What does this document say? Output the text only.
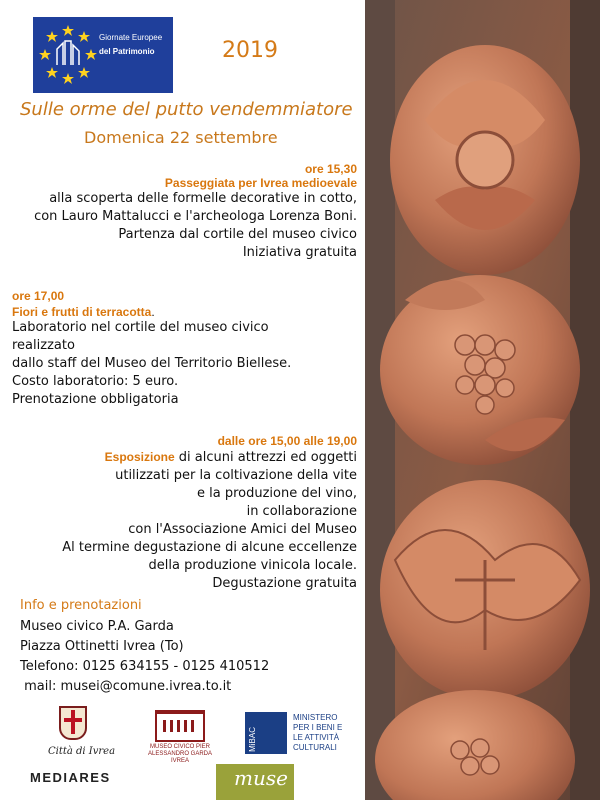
Giornate Europee
del Patrimonio	2019
Sulle orme del putto vendemmiatore
Domenica 22 settembre
ore 15,30
Passeggiata per Ivrea medioevale
alla scoperta delle formelle decorative in cotto,
con Lauro Mattalucci e l'archeologa Lorenza Boni.
Partenza dal cortile del museo civico
Iniziativa gratuita
ore 17,00
Fiori e frutti di terracotta.
Laboratorio nel cortile del museo civico
realizzato
dallo staff del Museo del Territorio Biellese.
Costo laboratorio: 5 euro.
Prenotazione obbligatoria
dalle ore 15,00 alle 19,00
Esposizione di alcuni attrezzi ed oggetti
utilizzati per la coltivazione della vite
e la produzione del vino,
in collaborazione
con l'Associazione Amici del Museo
Al termine degustazione di alcune eccellenze
della produzione vinicola locale.
Degustazione gratuita
Info e prenotazioni
Museo civico P.A. Garda
Piazza Ottinetti Ivrea (To)
Telefono: 0125 634155 - 0125 410512
mail: musei@comune.ivrea.to.it
Città di Ivrea	MUSEO CIVICO PIER ALESSANDRO GARDA IVREA
MiBAC
MINISTERO
PER I BENI E
LE ATTIVITÀ
CULTURALI
MEDIARES	muse
